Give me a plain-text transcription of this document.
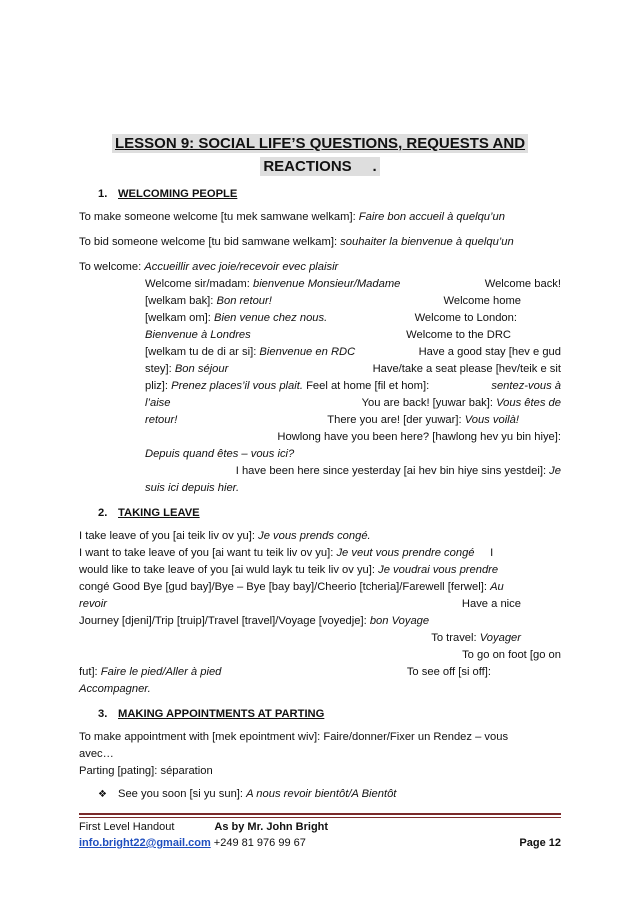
LESSON 9: SOCIAL LIFE’S QUESTIONS, REQUESTS AND
REACTIONS .
1. WELCOMING PEOPLE

To make someone welcome [tu mek samwane welkam]: Faire bon accueil à quelqu’un

To bid someone welcome [tu bid samwane welkam]: souhaiter la bienvenue à quelqu’un

To welcome: Accueillir avec joie/recevoir evec plaisir

Welcome sir/madam: bienvenue Monsieur/Madame	Welcome back!
[welkam bak]: Bon retour!	Welcome home
[welkam om]: Bien venue chez nous.	Welcome to London:
Bienvenue à Londres	Welcome to the DRC
[welkam tu de di ar si]: Bienvenue en RDC	Have a good stay [hev e gud
stey]: Bon séjour	Have/take a seat please [hev/teik e sit
pliz]: Prenez places’il vous plait. Feel at home [fil et hom]:	sentez-vous à
l’aise	You are back! [yuwar bak]: Vous êtes de
retour!	There you are! [der yuwar]: Vous voilà!
Howlong have you been here? [hawlong hev yu bin hiye]:
Depuis quand êtes – vous ici?
I have been here since yesterday [ai hev bin hiye sins yestdei]: Je
suis ici depuis hier.
2. TAKING LEAVE
I take leave of you [ai teik liv ov yu]: Je vous prends congé.
I want to take leave of you [ai want tu teik liv ov yu]: Je veut vous prendre congé I
would like to take leave of you [ai wuld layk tu teik liv ov yu]: Je voudrai vous prendre
congé Good Bye [gud bay]/Bye – Bye [bay bay]/Cheerio [tcheria]/Farewell [ferwel]: Au
revoir	Have a nice
Journey [djeni]/Trip [truip]/Travel [travel]/Voyage [voyedje]: bon Voyage
To travel: Voyager
To go on foot [go on
fut]: Faire le pied/Aller à pied	To see off [si off]:
Accompagner.
3. MAKING APPOINTMENTS AT PARTING
To make appointment with [mek epointment wiv]: Faire/donner/Fixer un Rendez – vous
avec…
Parting [pating]: séparation
❖ See you soon [si yu sun]: A nous revoir bientôt/A Bientôt
First Level Handout	As by Mr. John Bright
info.bright22@gmail.com +249 81 976 99 67	Page 12
